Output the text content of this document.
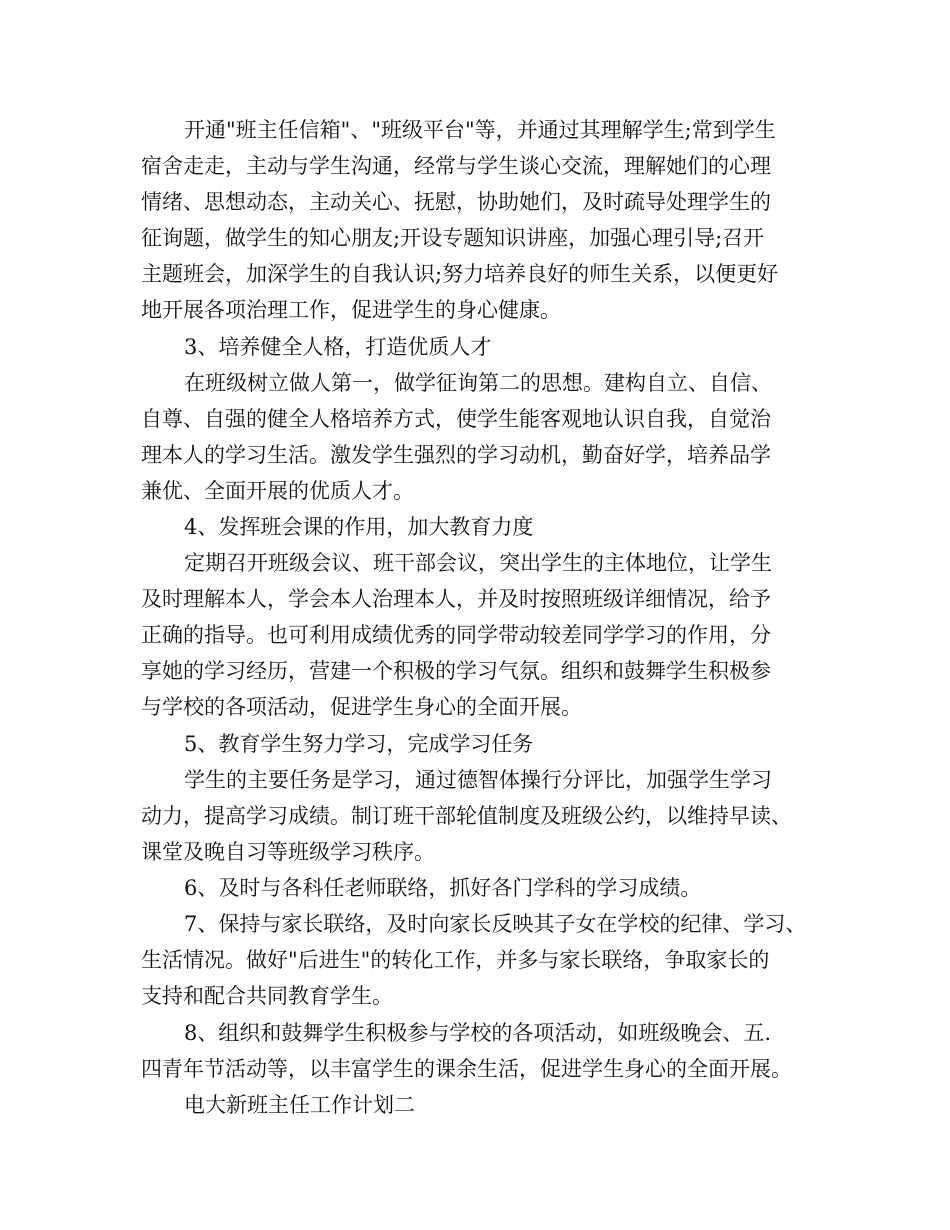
开通"班主任信箱"、"班级平台"等，并通过其理解学生;常到学生
宿舍走走，主动与学生沟通，经常与学生谈心交流，理解她们的心理
情绪、思想动态，主动关心、抚慰，协助她们，及时疏导处理学生的
征询题，做学生的知心朋友;开设专题知识讲座，加强心理引导;召开
主题班会，加深学生的自我认识;努力培养良好的师生关系，以便更好
地开展各项治理工作，促进学生的身心健康。
3、培养健全人格，打造优质人才
在班级树立做人第一，做学征询第二的思想。建构自立、自信、
自尊、自强的健全人格培养方式，使学生能客观地认识自我，自觉治
理本人的学习生活。激发学生强烈的学习动机，勤奋好学，培养品学
兼优、全面开展的优质人才。
4、发挥班会课的作用，加大教育力度
定期召开班级会议、班干部会议，突出学生的主体地位，让学生
及时理解本人，学会本人治理本人，并及时按照班级详细情况，给予
正确的指导。也可利用成绩优秀的同学带动较差同学学习的作用，分
享她的学习经历，营建一个积极的学习气氛。组织和鼓舞学生积极参
与学校的各项活动，促进学生身心的全面开展。
5、教育学生努力学习，完成学习任务
学生的主要任务是学习，通过德智体操行分评比，加强学生学习
动力，提高学习成绩。制订班干部轮值制度及班级公约，以维持早读、
课堂及晚自习等班级学习秩序。
6、及时与各科任老师联络，抓好各门学科的学习成绩。
7、保持与家长联络，及时向家长反映其子女在学校的纪律、学习、
生活情况。做好"后进生"的转化工作，并多与家长联络，争取家长的
支持和配合共同教育学生。
8、组织和鼓舞学生积极参与学校的各项活动，如班级晚会、五.
四青年节活动等，以丰富学生的课余生活，促进学生身心的全面开展。
电大新班主任工作计划二
